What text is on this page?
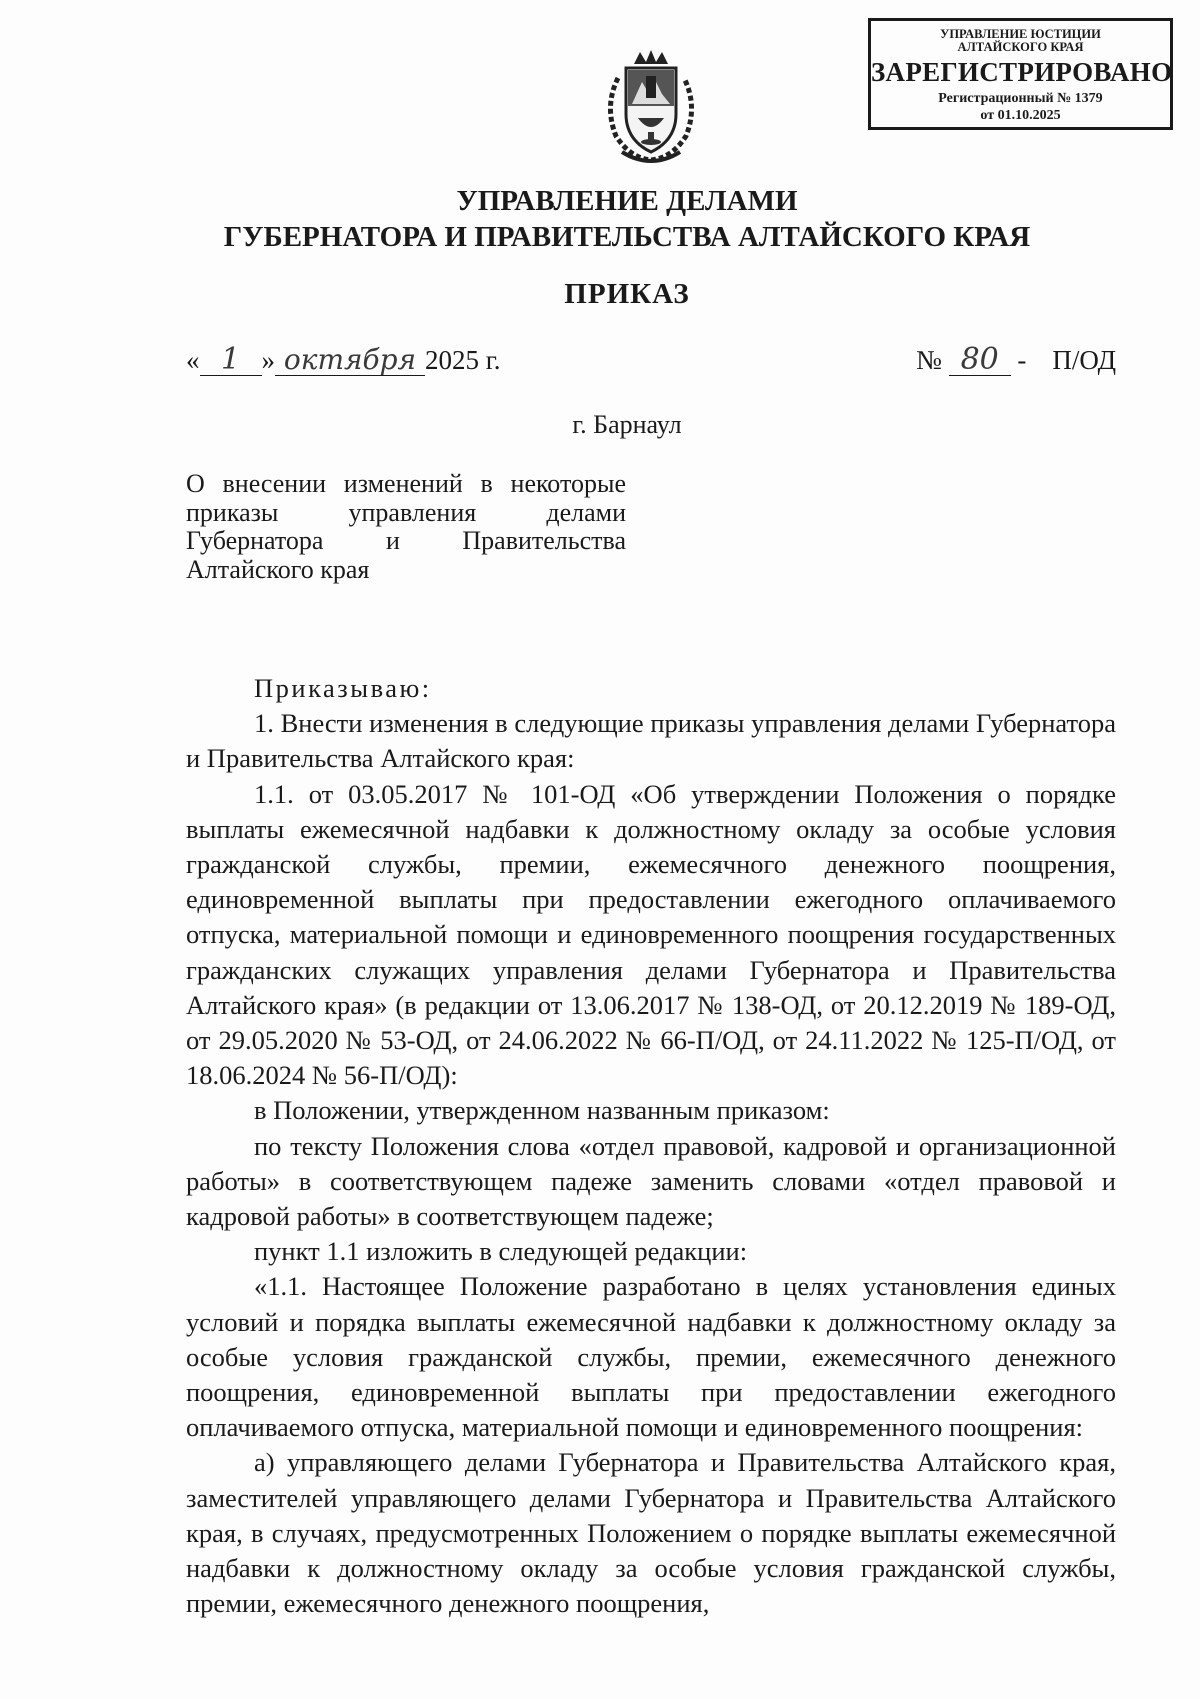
УПРАВЛЕНИЕ ЮСТИЦИИ
АЛТАЙСКОГО КРАЯ
ЗАРЕГИСТРИРОВАНО
Регистрационный № 1379
от 01.10.2025
УПРАВЛЕНИЕ ДЕЛАМИ
ГУБЕРНАТОРА И ПРАВИТЕЛЬСТВА АЛТАЙСКОГО КРАЯ
ПРИКАЗ
« 1 » октября 2025 г.	№ 80 - П/ОД
г. Барнаул
О внесении изменений в некоторые
приказы управления делами
Губернатора и Правительства
Алтайского края

Приказываю:

1. Внести изменения в следующие приказы управления делами Губернатора и Правительства Алтайского края:

1.1. от 03.05.2017 № 101-ОД «Об утверждении Положения о порядке выплаты ежемесячной надбавки к должностному окладу за особые условия гражданской службы, премии, ежемесячного денежного поощрения, единовременной выплаты при предоставлении ежегодного оплачиваемого отпуска, материальной помощи и единовременного поощрения государственных гражданских служащих управления делами Губернатора и Правительства Алтайского края» (в редакции от 13.06.2017 № 138-ОД, от 20.12.2019 № 189-ОД, от 29.05.2020 № 53-ОД, от 24.06.2022 № 66-П/ОД, от 24.11.2022 № 125-П/ОД, от 18.06.2024 № 56-П/ОД):

в Положении, утвержденном названным приказом:

по тексту Положения слова «отдел правовой, кадровой и организационной работы» в соответствующем падеже заменить словами «отдел правовой и кадровой работы» в соответствующем падеже;

пункт 1.1 изложить в следующей редакции:

«1.1. Настоящее Положение разработано в целях установления единых условий и порядка выплаты ежемесячной надбавки к должностному окладу за особые условия гражданской службы, премии, ежемесячного денежного поощрения, единовременной выплаты при предоставлении ежегодного оплачиваемого отпуска, материальной помощи и единовременного поощрения:

а) управляющего делами Губернатора и Правительства Алтайского края, заместителей управляющего делами Губернатора и Правительства Алтайского края, в случаях, предусмотренных Положением о порядке выплаты ежемесячной надбавки к должностному окладу за особые условия гражданской службы, премии, ежемесячного денежного поощрения,
